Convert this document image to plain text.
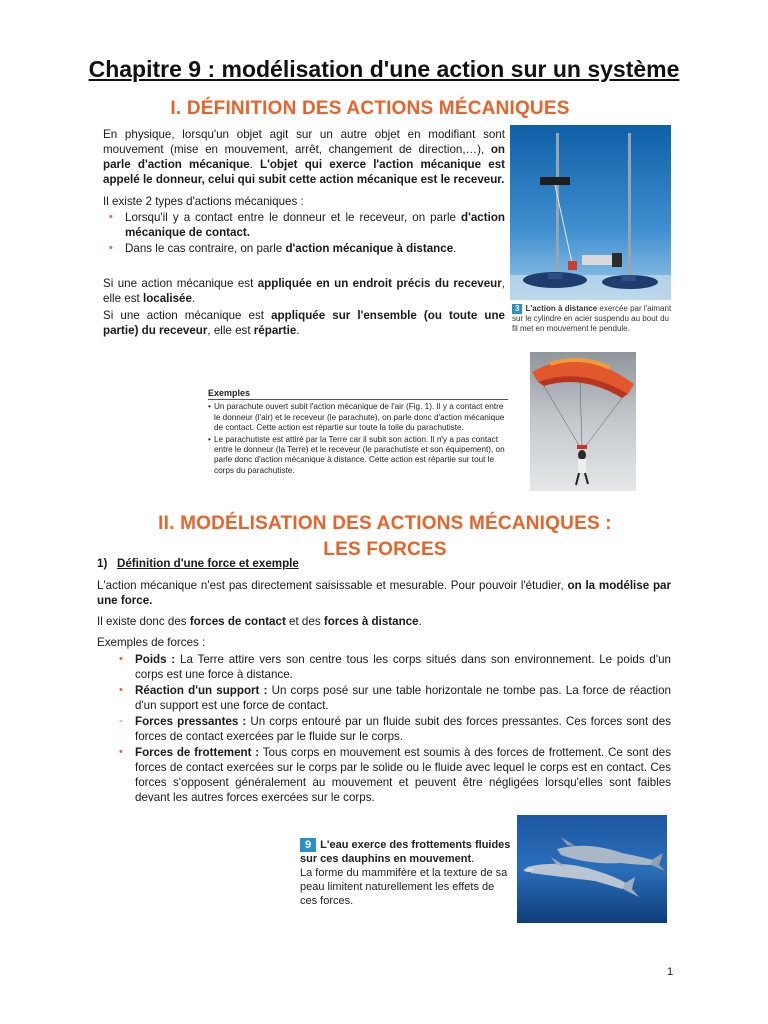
Chapitre 9 : modélisation d'une action sur un système
I. DÉFINITION DES ACTIONS MÉCANIQUES

En physique, lorsqu'un objet agit sur un autre objet en modifiant sont mouvement (mise en mouvement, arrêt, changement de direction,…), on parle d'action mécanique. L'objet qui exerce l'action mécanique est appelé le donneur, celui qui subit cette action mécanique est le receveur.

Il existe 2 types d'actions mécaniques :

• Lorsqu'il y a contact entre le donneur et le receveur, on parle d'action mécanique de contact.
• Dans le cas contraire, on parle d'action mécanique à distance.

Si une action mécanique est appliquée en un endroit précis du receveur, elle est localisée.

Si une action mécanique est appliquée sur l'ensemble (ou toute une partie) du receveur, elle est répartie.

3 L'action à distance exercée par l'aimant sur le cylindre en acier suspendu au bout du fil met en mouvement le pendule.
Exemples
• Un parachute ouvert subit l'action mécanique de l'air (Fig. 1). Il y a contact entre le donneur (l'air) et le receveur (le parachute), on parle donc d'action mécanique de contact. Cette action est répartie sur toute la toile du parachutiste.
• Le parachutiste est attiré par la Terre car il subit son action. Il n'y a pas contact entre le donneur (la Terre) et le receveur (le parachutiste et son équipement), on parle donc d'action mécanique à distance. Cette action est répartie sur tout le corps du parachutiste.
II. MODÉLISATION DES ACTIONS MÉCANIQUES :
LES FORCES
1) Définition d'une force et exemple

L'action mécanique n'est pas directement saisissable et mesurable. Pour pouvoir l'étudier, on la modélise par une force.

Il existe donc des forces de contact et des forces à distance.

Exemples de forces :

• Poids : La Terre attire vers son centre tous les corps situés dans son environnement. Le poids d'un corps est une force à distance.
• Réaction d'un support : Un corps posé sur une table horizontale ne tombe pas. La force de réaction d'un support est une force de contact.
- Forces pressantes : Un corps entouré par un fluide subit des forces pressantes. Ces forces sont des forces de contact exercées par le fluide sur le corps.
• Forces de frottement : Tous corps en mouvement est soumis à des forces de frottement. Ce sont des forces de contact exercées sur le corps par le solide ou le fluide avec lequel le corps est en contact. Ces forces s'opposent généralement au mouvement et peuvent être négligées lorsqu'elles sont faibles devant les autres forces exercées sur le corps.
9 L'eau exerce des frottements fluides sur ces dauphins en mouvement.
La forme du mammifère et la texture de sa peau limitent naturellement les effets de ces forces.
1
